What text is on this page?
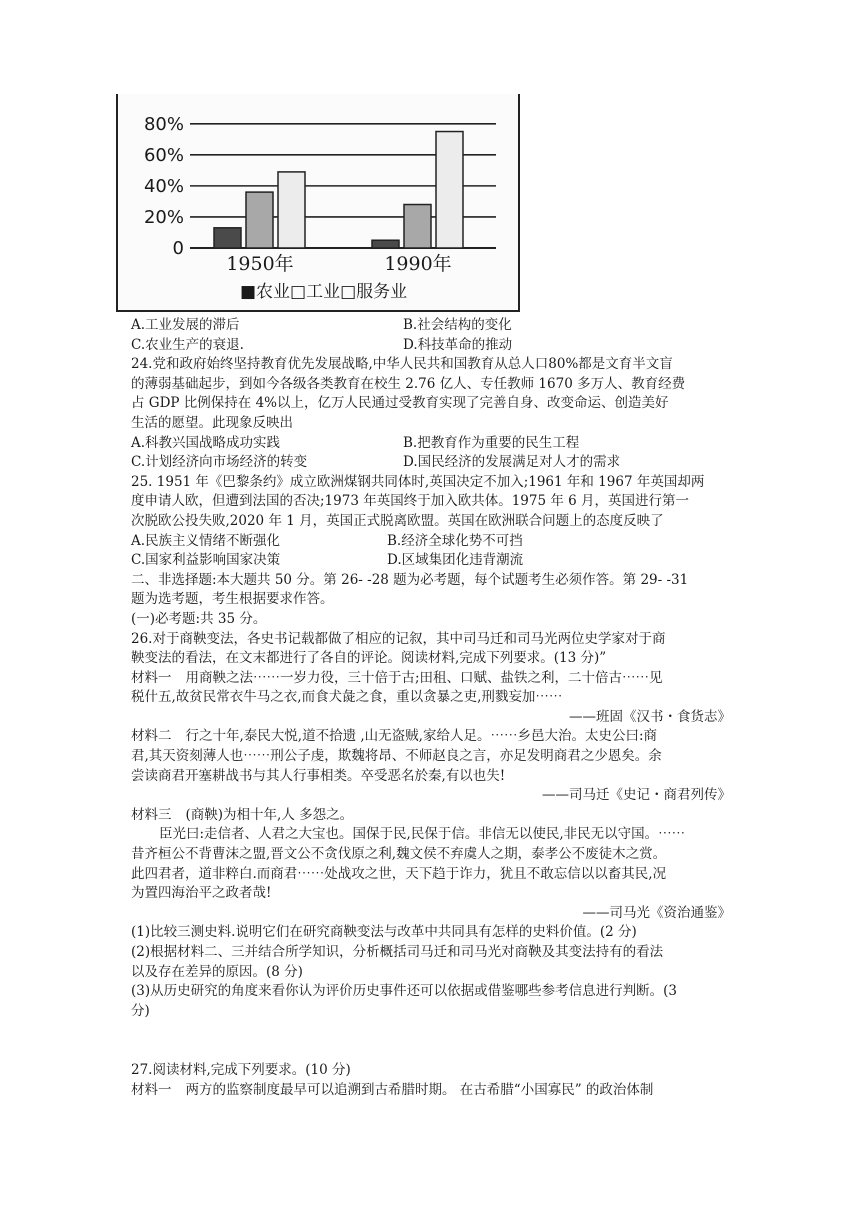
0
20%
40%
60%
80%
1950年	1990年
■农业□工业□服务业
A.工业发展的滞后	B.社会结构的变化
C.农业生产的衰退.	D.科技革命的推动
24.党和政府始终坚持教育优先发展战略,中华人民共和国教育从总人口80%都是文育半文盲
的薄弱基础起步，到如今各级各类教育在校生 2.76 亿人、专任教师 1670 多万人、教育经费
占 GDP 比例保持在 4%以上，亿万人民通过受教育实现了完善自身、改变命运、创造美好
生活的愿望。此现象反映出
A.科教兴国战略成功实践	B.把教育作为重要的民生工程
C.计划经济向市场经济的转变	D.国民经济的发展满足对人才的需求
25. 1951 年《巴黎条约》成立欧洲煤钢共同体时,英国决定不加入;1961 年和 1967 年英国却两
度申请人欧，但遭到法国的否决;1973 年英国终于加入欧共体。1975 年 6 月，英国进行第一
次脱欧公投失败,2020 年 1 月，英国正式脱离欧盟。英国在欧洲联合问题上的态度反映了
A.民族主义情绪不断强化	B.经济全球化势不可挡
C.国家利益影响国家决策	D.区域集团化违背潮流
二、非选择题:本大题共 50 分。第 26- -28 题为必考题，每个试题考生必须作答。第 29- -31
题为选考题，考生根据要求作答。
(一)必考题:共 35 分。
26.对于商鞅变法，各史书记载都做了相应的记叙，其中司马迁和司马光两位史学家对于商
鞅变法的看法，在文末都进行了各自的评论。阅读材料,完成下列要求。(13 分)”
材料一 用商鞅之法⋯⋯一岁力役，三十倍于古;田租、口赋、盐铁之利，二十倍古⋯⋯见
税什五,故贫民常衣牛马之衣,而食犬彘之食，重以贪暴之吏,刑戮妄加⋯⋯
——班固《汉书・食货志》
材料二 行之十年,泰民大悦,道不拾遗 ,山无盗贼,家给人足。⋯⋯乡邑大治。太史公曰:商
君,其天资刻薄人也⋯⋯刑公子虔，欺魏将昂、不师赵良之言，亦足发明商君之少恩矣。余
尝读商君开塞耕战书与其人行事相类。卒受恶名於秦,有以也失!
——司马迁《史记・商君列传》
材料三 (商鞅)为相十年,人 多怨之。
臣光曰:走信者、人君之大宝也。国保于民,民保于信。非信无以使民,非民无以守国。⋯⋯
昔齐桓公不背曹沫之盟,晋文公不贪伐原之利,魏文侯不弃虞人之期，泰孝公不废徒木之赏。
此四君者，道非粹白.而商君⋯⋯处战攻之世，天下趋于诈力，犹且不敢忘信以以畜其民,况
为置四海治平之政者哉!
——司马光《资治通鉴》
(1)比较三测史料.说明它们在研究商鞅变法与改革中共同具有怎样的史料价值。(2 分)
(2)根据材料二、三并结合所学知识，分析概括司马迁和司马光对商鞅及其变法持有的看法
以及存在差异的原因。(8 分)
(3)从历史研究的角度来看你认为评价历史事件还可以依据或借鉴哪些参考信息进行判断。(3
分)
27.阅读材料,完成下列要求。(10 分)
材料一 两方的监察制度最早可以追溯到古希腊时期。 在古希腊“小国寡民” 的政治体制
